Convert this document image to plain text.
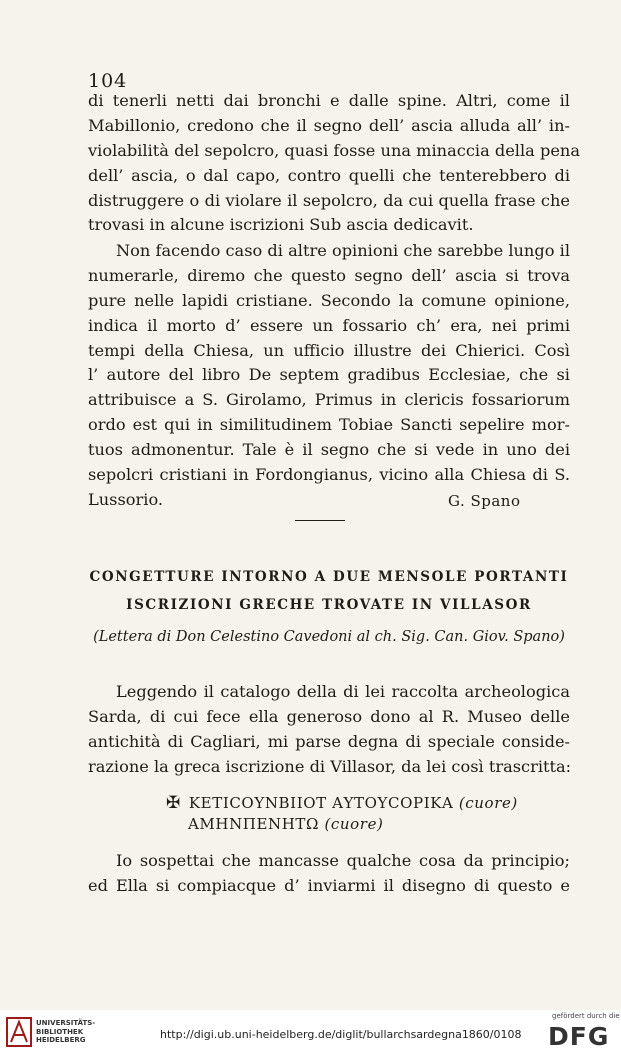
104
di tenerli netti dai bronchi e dalle spine. Altri, come il
Mabillonio, credono che il segno dell’ ascia alluda all’ in-
violabilità del sepolcro, quasi fosse una minaccia della pena
dell’ ascia, o dal capo, contro quelli che tenterebbero di
distruggere o di violare il sepolcro, da cui quella frase che
trovasi in alcune iscrizioni Sub ascia dedicavit.
Non facendo caso di altre opinioni che sarebbe lungo il
numerarle, diremo che questo segno dell’ ascia si trova
pure nelle lapidi cristiane. Secondo la comune opinione,
indica il morto d’ essere un fossario ch’ era, nei primi
tempi della Chiesa, un ufficio illustre dei Chierici. Così
l’ autore del libro De septem gradibus Ecclesiae, che si
attribuisce a S. Girolamo, Primus in clericis fossariorum
ordo est qui in similitudinem Tobiae Sancti sepelire mor-
tuos admonentur. Tale è il segno che si vede in uno dei
sepolcri cristiani in Fordongianus, vicino alla Chiesa di S.
Lussorio.	G. Spano
CONGETTURE INTORNO A DUE MENSOLE PORTANTI
ISCRIZIONI GRECHE TROVATE IN VILLASOR
(Lettera di Don Celestino Cavedoni al ch. Sig. Can. Giov. Spano)
Leggendo il catalogo della di lei raccolta archeologica
Sarda, di cui fece ella generoso dono al R. Museo delle
antichità di Cagliari, mi parse degna di speciale conside-
razione la greca iscrizione di Villasor, da lei così trascritta:
✠ ΚΕΤΙCΟΥΝΒΙΙΟΤ ΑΥΤΟΥCΟΡΙΚΑ (cuore)
ΑΜΗΝΠΕΝΗΤΩ (cuore)
Io sospettai che mancasse qualche cosa da principio;
ed Ella si compiacque d’ inviarmi il disegno di questo e
UNIVERSITÄTS-
BIBLIOTHEK
HEIDELBERG	http://digi.ub.uni-heidelberg.de/diglit/bullarchsardegna1860/0108
gefördert durch die
DFG
